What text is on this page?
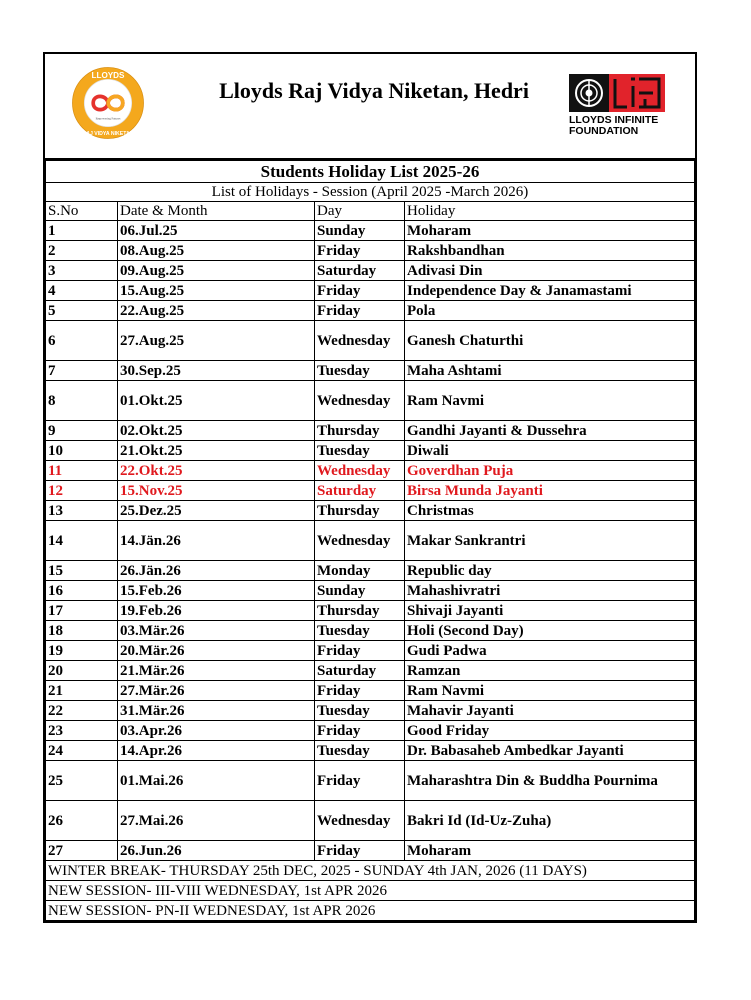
LLOYDS
RAJ VIDYA NIKETAN
Empowering Futures
Lloyds Raj Vidya Niketan, Hedri
LLOYDS INFINITE
FOUNDATION
Students Holiday List 2025-26			
List of Holidays - Session (April 2025 -March 2026)			
S.No	Date & Month	Day	Holiday
1	06.Jul.25	Sunday	Moharam
2	08.Aug.25	Friday	Rakshbandhan
3	09.Aug.25	Saturday	Adivasi Din
4	15.Aug.25	Friday	Independence Day & Janamastami
5	22.Aug.25	Friday	Pola
6	27.Aug.25	Wednesday	Ganesh Chaturthi
7	30.Sep.25	Tuesday	Maha Ashtami
8	01.Okt.25	Wednesday	Ram Navmi
9	02.Okt.25	Thursday	Gandhi Jayanti & Dussehra
10	21.Okt.25	Tuesday	Diwali
11	22.Okt.25	Wednesday	Goverdhan Puja
12	15.Nov.25	Saturday	Birsa Munda Jayanti
13	25.Dez.25	Thursday	Christmas
14	14.Jän.26	Wednesday	Makar Sankrantri
15	26.Jän.26	Monday	Republic day
16	15.Feb.26	Sunday	Mahashivratri
17	19.Feb.26	Thursday	Shivaji Jayanti
18	03.Mär.26	Tuesday	Holi (Second Day)
19	20.Mär.26	Friday	Gudi Padwa
20	21.Mär.26	Saturday	Ramzan
21	27.Mär.26	Friday	Ram Navmi
22	31.Mär.26	Tuesday	Mahavir Jayanti
23	03.Apr.26	Friday	Good Friday
24	14.Apr.26	Tuesday	Dr. Babasaheb Ambedkar Jayanti
25	01.Mai.26	Friday	Maharashtra Din & Buddha Pournima
26	27.Mai.26	Wednesday	Bakri Id (Id-Uz-Zuha)
27	26.Jun.26	Friday	Moharam
WINTER BREAK- THURSDAY 25th DEC, 2025 - SUNDAY 4th JAN, 2026 (11 DAYS)			
NEW SESSION- III-VIII WEDNESDAY, 1st APR 2026			
NEW SESSION- PN-II WEDNESDAY, 1st APR 2026			
